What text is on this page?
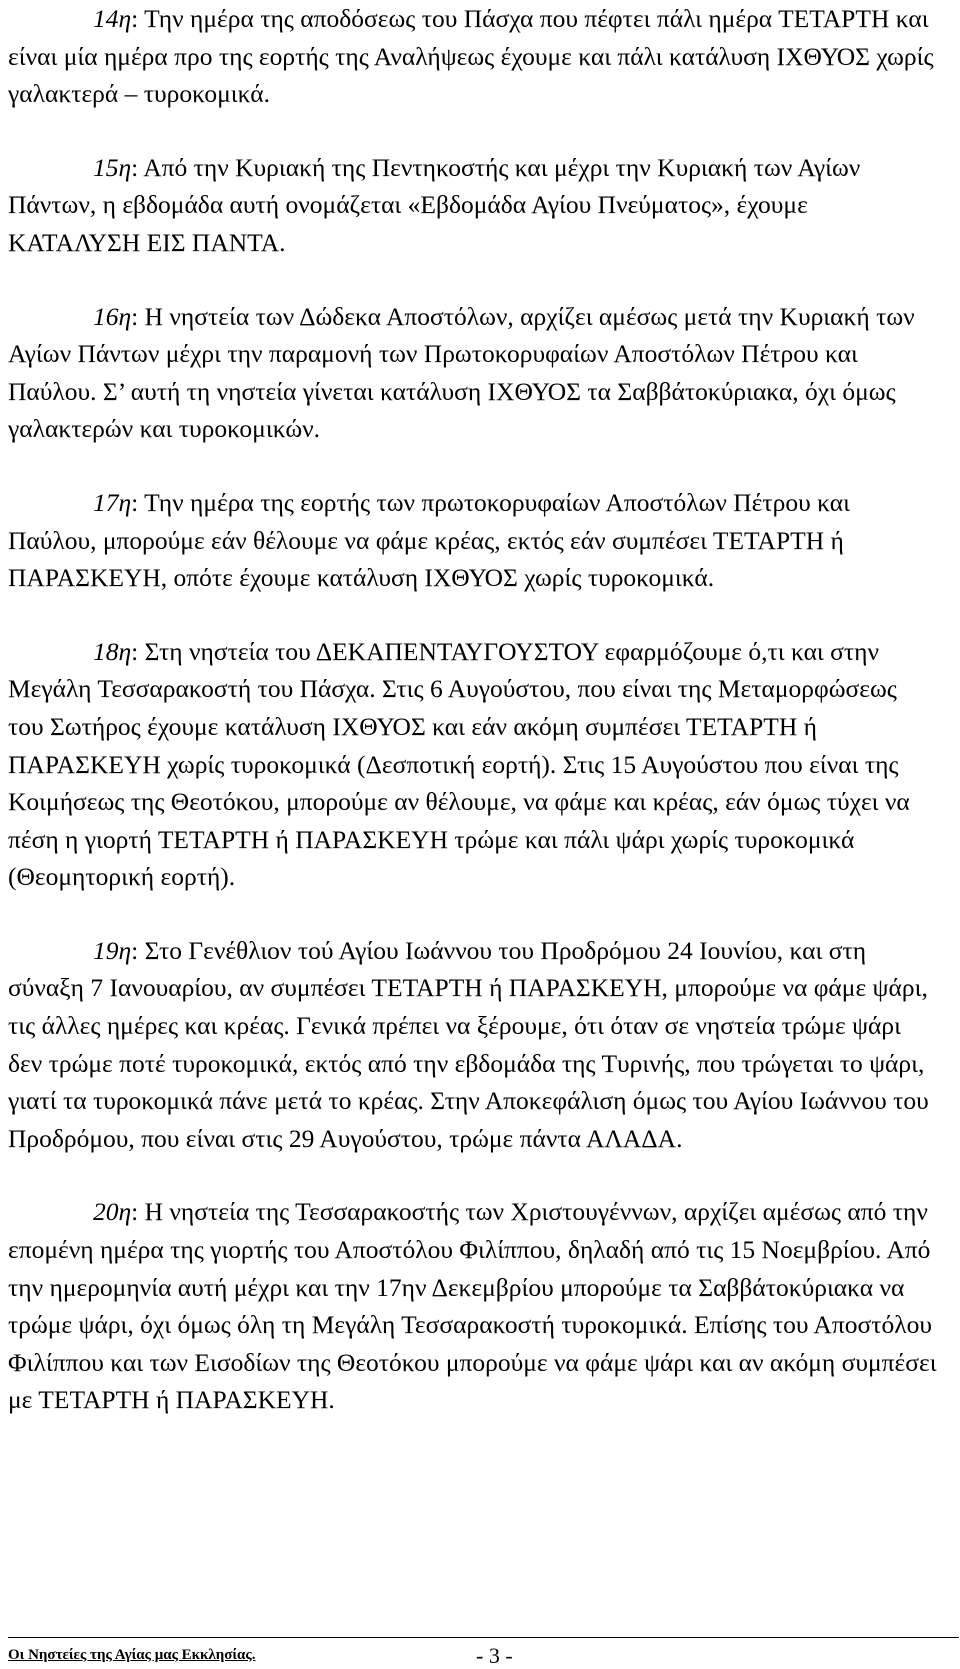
14η: Την ημέρα της αποδόσεως του Πάσχα που πέφτει πάλι ημέρα ΤΕΤΑΡΤΗ και είναι μία ημέρα προ της εορτής της Αναλήψεως έχουμε και πάλι κατάλυση ΙΧΘΥΟΣ χωρίς γαλακτερά – τυροκομικά.

15η: Από την Κυριακή της Πεντηκοστής και μέχρι την Κυριακή των Αγίων Πάντων, η εβδομάδα αυτή ονομάζεται «Εβδομάδα Αγίου Πνεύματος», έχουμε ΚΑΤΑΛΥΣΗ ΕΙΣ ΠΑΝΤΑ.

16η: Η νηστεία των Δώδεκα Αποστόλων, αρχίζει αμέσως μετά την Κυριακή των Αγίων Πάντων μέχρι την παραμονή των Πρωτοκορυφαίων Αποστόλων Πέτρου και Παύλου. Σ’ αυτή τη νηστεία γίνεται κατάλυση ΙΧΘΥΟΣ τα Σαββάτοκύριακα, όχι όμως γαλακτερών και τυροκομικών.

17η: Την ημέρα της εορτής των πρωτοκορυφαίων Αποστόλων Πέτρου και Παύλου, μπορούμε εάν θέλουμε να φάμε κρέας, εκτός εάν συμπέσει ΤΕΤΑΡΤΗ ή ΠΑΡΑΣΚΕΥΗ, οπότε έχουμε κατάλυση ΙΧΘΥΟΣ χωρίς τυροκομικά.

18η: Στη νηστεία του ΔΕΚΑΠΕΝΤΑΥΓΟΥΣΤΟΥ εφαρμόζουμε ό,τι και στην Μεγάλη Τεσσαρακοστή του Πάσχα. Στις 6 Αυγούστου, που είναι της Μεταμορφώσεως του Σωτήρος έχουμε κατάλυση ΙΧΘΥΟΣ και εάν ακόμη συμπέσει ΤΕΤΑΡΤΗ ή ΠΑΡΑΣΚΕΥΗ χωρίς τυροκομικά (Δεσποτική εορτή). Στις 15 Αυγούστου που είναι της Κοιμήσεως της Θεοτόκου, μπορούμε αν θέλουμε, να φάμε και κρέας, εάν όμως τύχει να πέση η γιορτή ΤΕΤΑΡΤΗ ή ΠΑΡΑΣΚΕΥΗ τρώμε και πάλι ψάρι χωρίς τυροκομικά (Θεομητορική εορτή).

19η: Στο Γενέθλιον τού Αγίου Ιωάννου του Προδρόμου 24 Ιουνίου, και στη σύναξη 7 Ιανουαρίου, αν συμπέσει ΤΕΤΑΡΤΗ ή ΠΑΡΑΣΚΕΥΗ, μπορούμε να φάμε ψάρι, τις άλλες ημέρες και κρέας. Γενικά πρέπει να ξέρουμε, ότι όταν σε νηστεία τρώμε ψάρι δεν τρώμε ποτέ τυροκομικά, εκτός από την εβδομάδα της Τυρινής, που τρώγεται το ψάρι, γιατί τα τυροκομικά πάνε μετά το κρέας. Στην Αποκεφάλιση όμως του Αγίου Ιωάννου του Προδρόμου, που είναι στις 29 Αυγούστου, τρώμε πάντα ΑΛΑΔΑ.

20η: Η νηστεία της Τεσσαρακοστής των Χριστουγέννων, αρχίζει αμέσως από την επομένη ημέρα της γιορτής του Αποστόλου Φιλίππου, δηλαδή από τις 15 Νοεμβρίου. Από την ημερομηνία αυτή μέχρι και την 17ην Δεκεμβρίου μπορούμε τα Σαββάτοκύριακα να τρώμε ψάρι, όχι όμως όλη τη Μεγάλη Τεσσαρακοστή τυροκομικά. Επίσης του Αποστόλου Φιλίππου και των Εισοδίων της Θεοτόκου μπορούμε να φάμε ψάρι και αν ακόμη συμπέσει με ΤΕΤΑΡΤΗ ή ΠΑΡΑΣΚΕΥΗ.

Οι Νηστείες της Αγίας μας Εκκλησίας.	- 3 -
